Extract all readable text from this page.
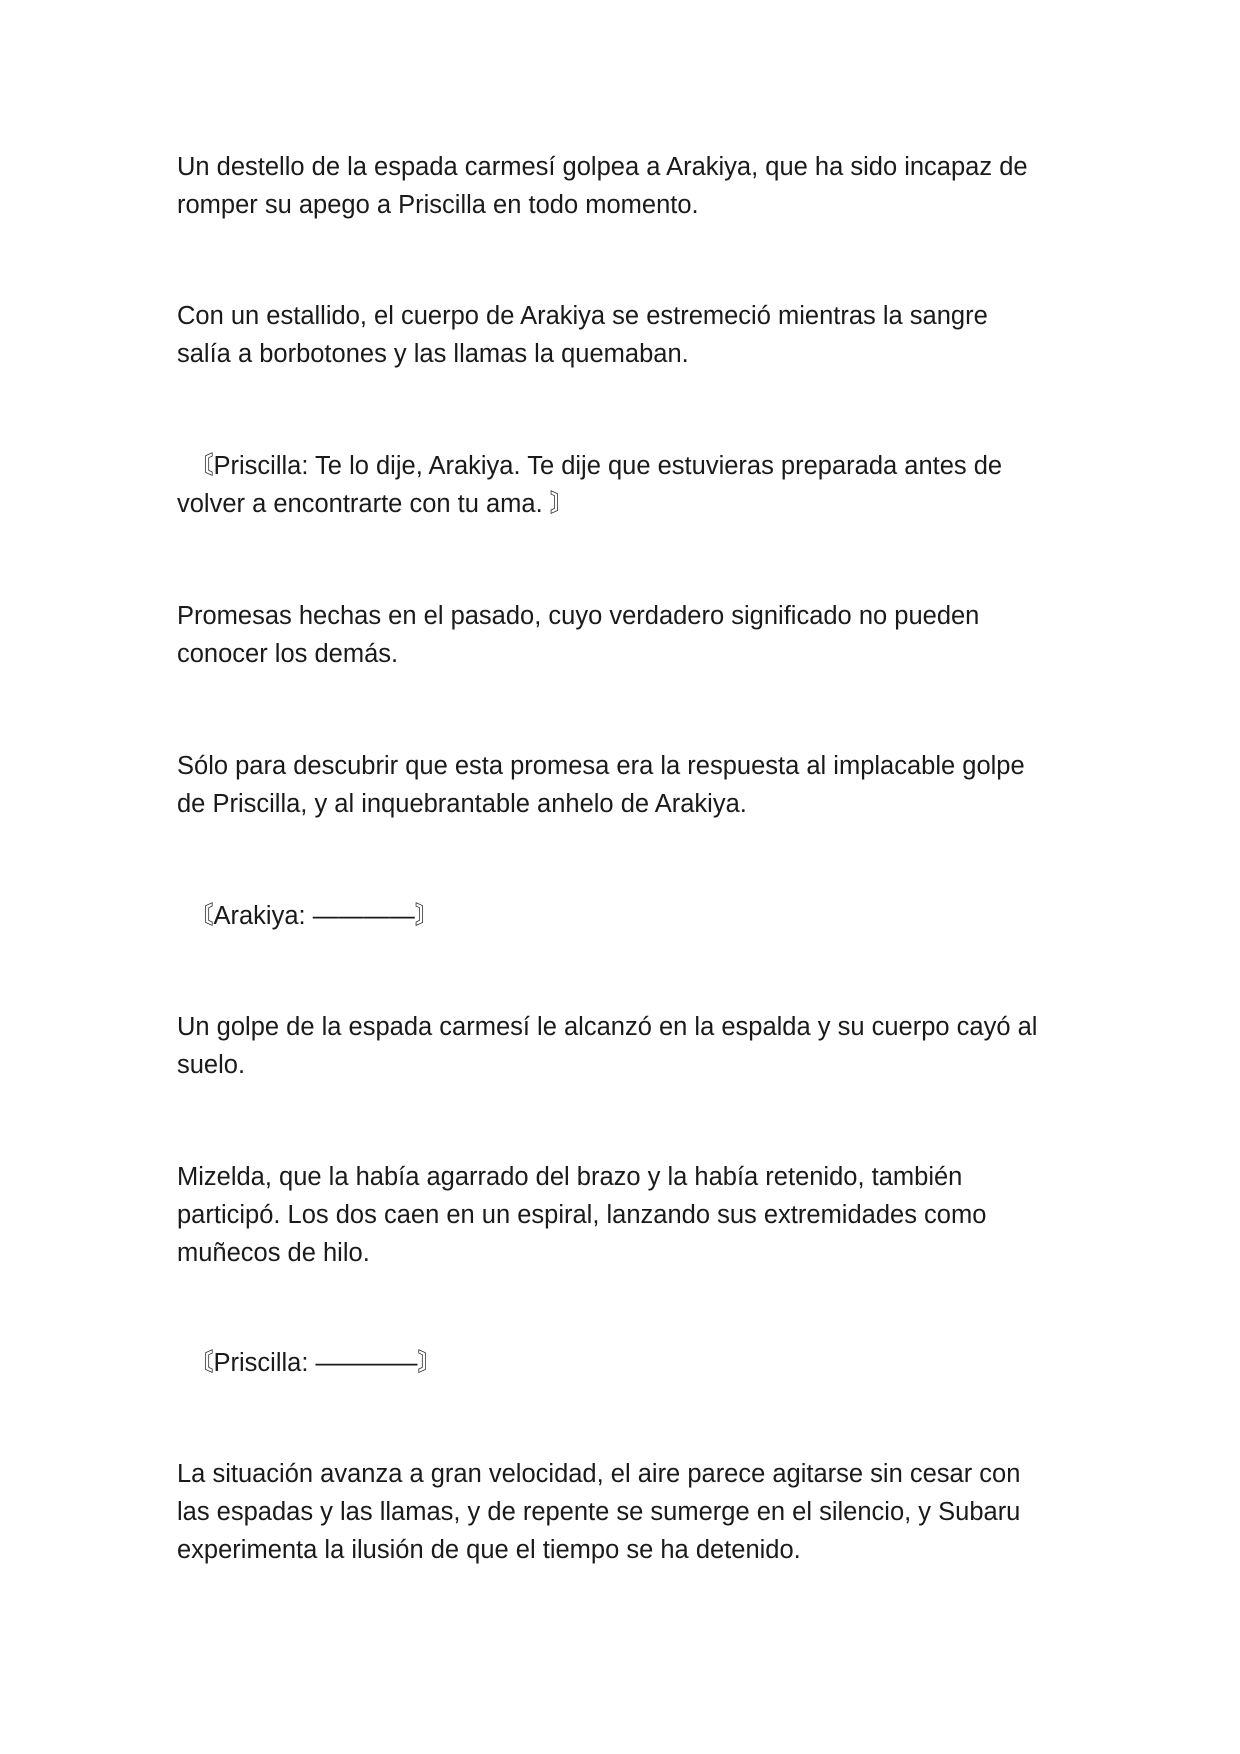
Un destello de la espada carmesí golpea a Arakiya, que ha sido incapaz de
romper su apego a Priscilla en todo momento.

Con un estallido, el cuerpo de Arakiya se estremeció mientras la sangre
salía a borbotones y las llamas la quemaban.

〘Priscilla: Te lo dije, Arakiya. Te dije que estuvieras preparada antes de
volver a encontrarte con tu ama. 〙

Promesas hechas en el pasado, cuyo verdadero significado no pueden
conocer los demás.

Sólo para descubrir que esta promesa era la respuesta al implacable golpe
de Priscilla, y al inquebrantable anhelo de Arakiya.

〘Arakiya: ————〙

Un golpe de la espada carmesí le alcanzó en la espalda y su cuerpo cayó al
suelo.

Mizelda, que la había agarrado del brazo y la había retenido, también
participó. Los dos caen en un espiral, lanzando sus extremidades como
muñecos de hilo.

〘Priscilla: ————〙

La situación avanza a gran velocidad, el aire parece agitarse sin cesar con
las espadas y las llamas, y de repente se sumerge en el silencio, y Subaru
experimenta la ilusión de que el tiempo se ha detenido.
